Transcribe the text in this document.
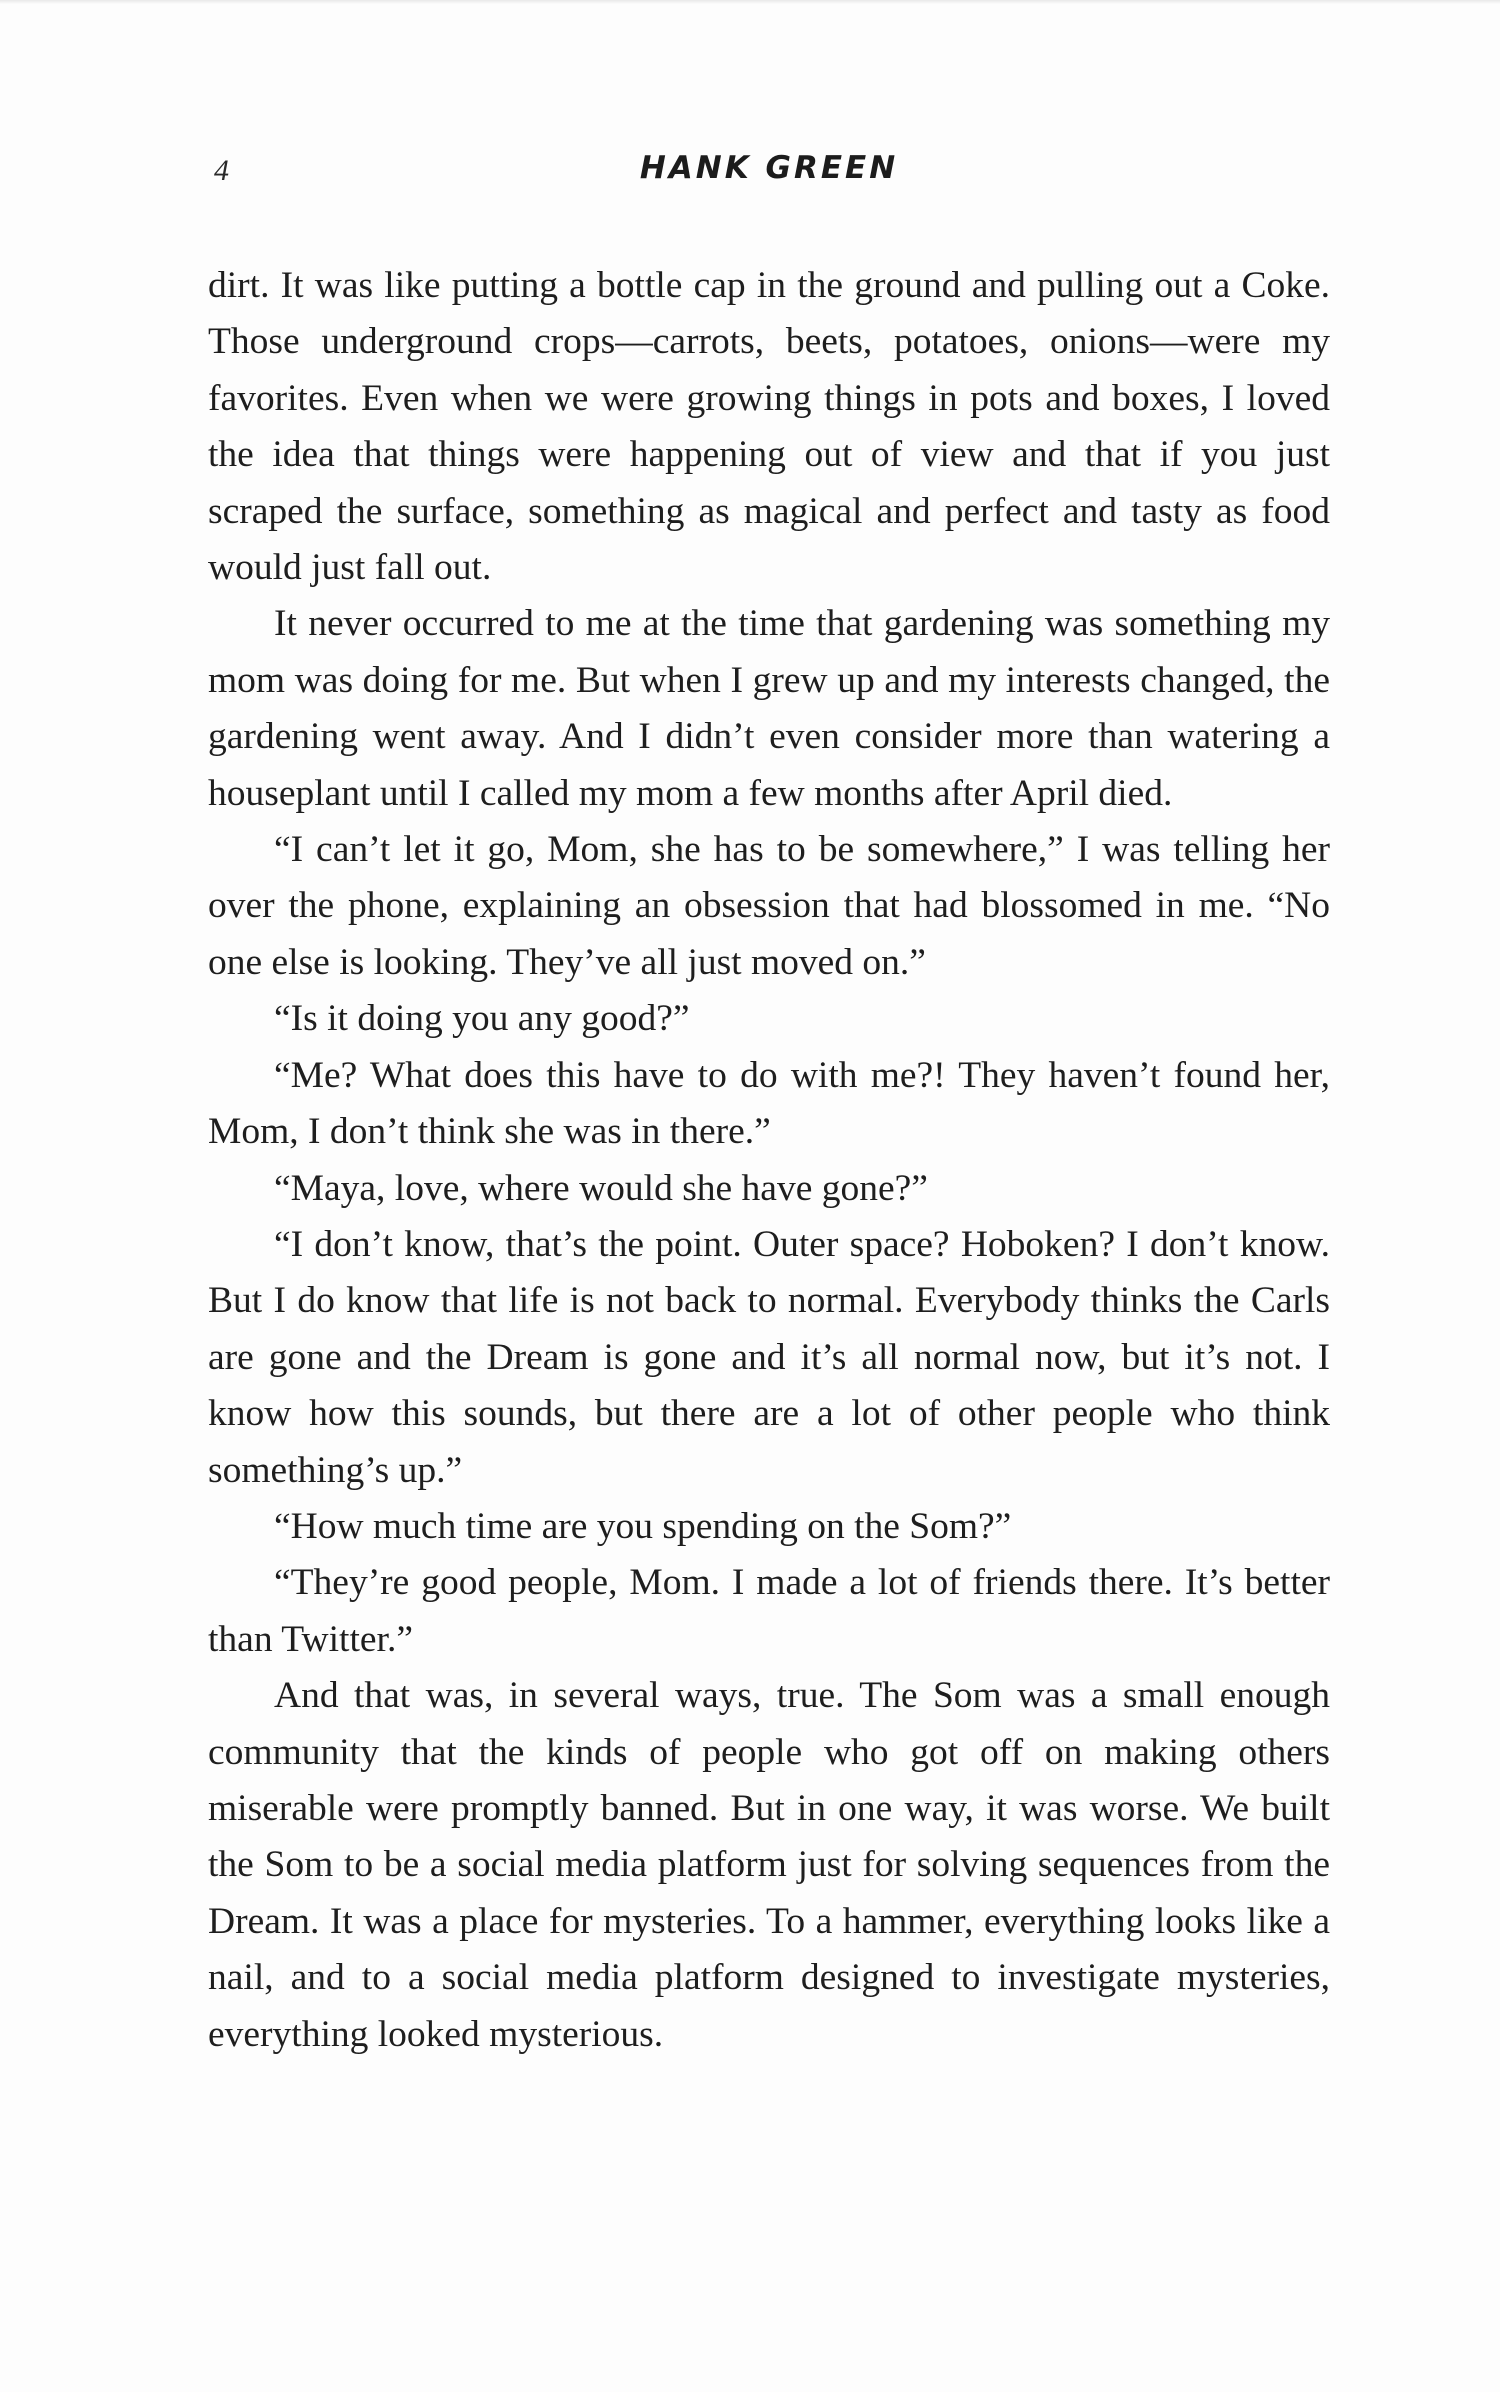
4	HANK GREEN

dirt. It was like putting a bottle cap in the ground and pulling out a Coke. Those underground crops—carrots, beets, potatoes, onions—were my favorites. Even when we were growing things in pots and boxes, I loved the idea that things were happening out of view and that if you just scraped the surface, something as magical and perfect and tasty as food would just fall out.

It never occurred to me at the time that gardening was something my mom was doing for me. But when I grew up and my interests changed, the gardening went away. And I didn’t even consider more than watering a houseplant until I called my mom a few months after April died.

“I can’t let it go, Mom, she has to be somewhere,” I was telling her over the phone, explaining an obsession that had blossomed in me. “No one else is looking. They’ve all just moved on.”

“Is it doing you any good?”

“Me? What does this have to do with me?! They haven’t found her, Mom, I don’t think she was in there.”

“Maya, love, where would she have gone?”

“I don’t know, that’s the point. Outer space? Hoboken? I don’t know. But I do know that life is not back to normal. Everybody thinks the Carls are gone and the Dream is gone and it’s all normal now, but it’s not. I know how this sounds, but there are a lot of other people who think something’s up.”

“How much time are you spending on the Som?”

“They’re good people, Mom. I made a lot of friends there. It’s better than Twitter.”

And that was, in several ways, true. The Som was a small enough community that the kinds of people who got off on making others miserable were promptly banned. But in one way, it was worse. We built the Som to be a social media platform just for solving sequences from the Dream. It was a place for mysteries. To a hammer, everything looks like a nail, and to a social media platform designed to investigate mysteries, everything looked mysterious.
